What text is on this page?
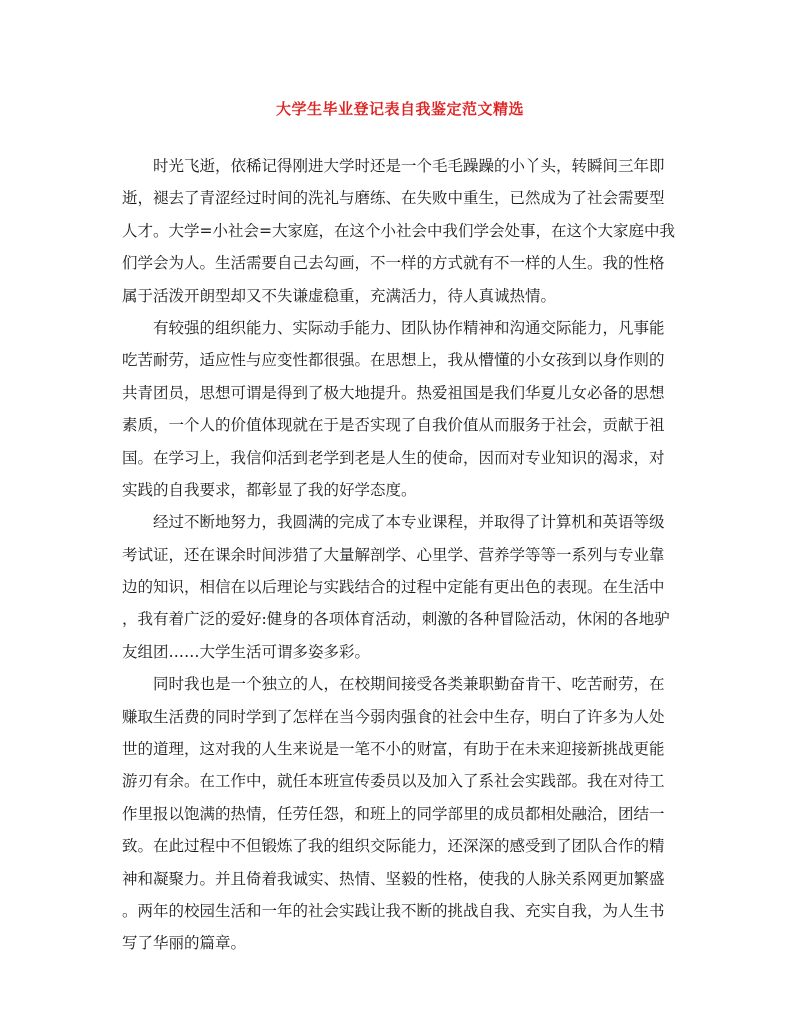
大学生毕业登记表自我鉴定范文精选
时光飞逝，依稀记得刚进大学时还是一个毛毛躁躁的小丫头，转瞬间三年即
逝，褪去了青涩经过时间的洗礼与磨练、在失败中重生，已然成为了社会需要型
人才。大学=小社会=大家庭，在这个小社会中我们学会处事，在这个大家庭中我
们学会为人。生活需要自己去勾画，不一样的方式就有不一样的人生。我的性格
属于活泼开朗型却又不失谦虚稳重，充满活力，待人真诚热情。
有较强的组织能力、实际动手能力、团队协作精神和沟通交际能力，凡事能
吃苦耐劳，适应性与应变性都很强。在思想上，我从懵懂的小女孩到以身作则的
共青团员，思想可谓是得到了极大地提升。热爱祖国是我们华夏儿女必备的思想
素质，一个人的价值体现就在于是否实现了自我价值从而服务于社会，贡献于祖
国。在学习上，我信仰活到老学到老是人生的使命，因而对专业知识的渴求，对
实践的自我要求，都彰显了我的好学态度。
经过不断地努力，我圆满的完成了本专业课程，并取得了计算机和英语等级
考试证，还在课余时间涉猎了大量解剖学、心里学、营养学等等一系列与专业靠
边的知识，相信在以后理论与实践结合的过程中定能有更出色的表现。在生活中
，我有着广泛的爱好:健身的各项体育活动，刺激的各种冒险活动，休闲的各地驴
友组团……大学生活可谓多姿多彩。
同时我也是一个独立的人，在校期间接受各类兼职勤奋肯干、吃苦耐劳，在
赚取生活费的同时学到了怎样在当今弱肉强食的社会中生存，明白了许多为人处
世的道理，这对我的人生来说是一笔不小的财富，有助于在未来迎接新挑战更能
游刃有余。在工作中，就任本班宣传委员以及加入了系社会实践部。我在对待工
作里报以饱满的热情，任劳任怨，和班上的同学部里的成员都相处融洽，团结一
致。在此过程中不但锻炼了我的组织交际能力，还深深的感受到了团队合作的精
神和凝聚力。并且倚着我诚实、热情、坚毅的性格，使我的人脉关系网更加繁盛
。两年的校园生活和一年的社会实践让我不断的挑战自我、充实自我，为人生书
写了华丽的篇章。
